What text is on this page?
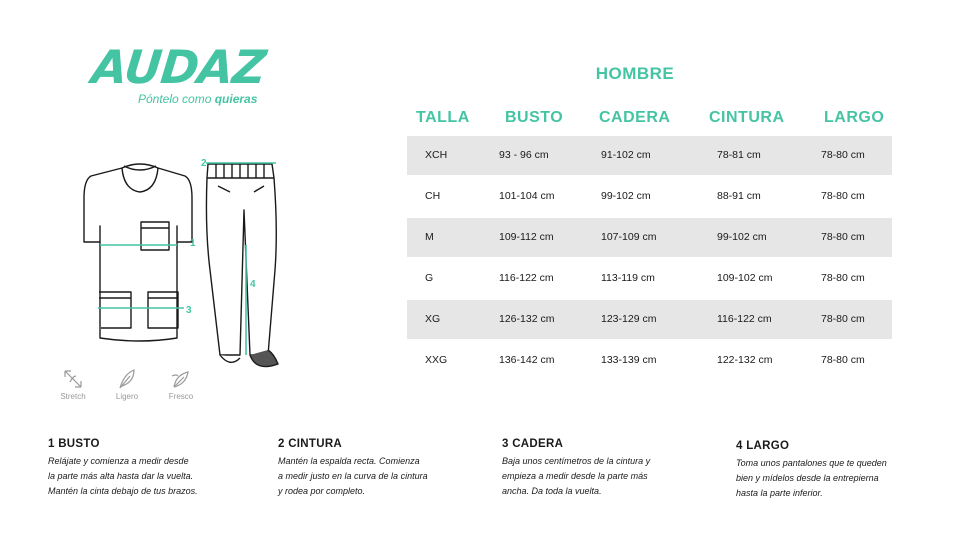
AUDAZ
Póntelo como quieras
1
2
3
4
Stretch	Ligero	Fresco
HOMBRE
TALLA BUSTO CADERA CINTURA LARGO
XCH	93 - 96 cm	91-102 cm	78-81 cm	78-80 cm
CH	101-104 cm	99-102 cm	88-91 cm	78-80 cm
M	109-112 cm	107-109 cm	99-102 cm	78-80 cm
G	116-122 cm	113-119 cm	109-102 cm	78-80 cm
XG	126-132 cm	123-129 cm	116-122 cm	78-80 cm
XXG	136-142 cm	133-139 cm	122-132 cm	78-80 cm
1 BUSTO
Relájate y comienza a medir desde
la parte más alta hasta dar la vuelta.
Mantén la cinta debajo de tus brazos.
2 CINTURA
Mantén la espalda recta. Comienza
a medir justo en la curva de la cintura
y rodea por completo.
3 CADERA
Baja unos centímetros de la cintura y
empieza a medir desde la parte más
ancha. Da toda la vuelta.
4 LARGO
Toma unos pantalones que te queden
bien y mídelos desde la entrepierna
hasta la parte inferior.
